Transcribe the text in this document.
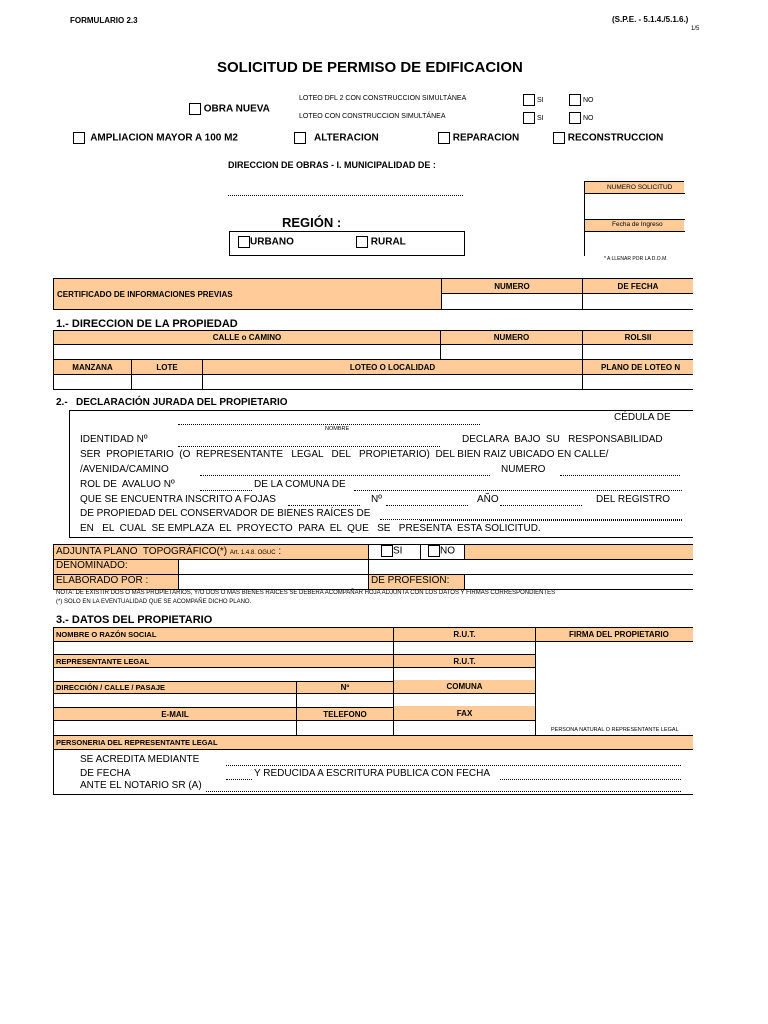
FORMULARIO 2.3	(S.P.E. - 5.1.4./5.1.6.)
1/5
SOLICITUD DE PERMISO DE EDIFICACION
OBRA NUEVA
LOTEO DFL 2 CON CONSTRUCCION SIMULTÁNEA
LOTEO CON CONSTRUCCION SIMULTÁNEA
SI	NO
SI	NO
AMPLIACION MAYOR A 100 M2	ALTERACION	REPARACION	RECONSTRUCCION
DIRECCION DE OBRAS - I. MUNICIPALIDAD DE :
REGIÓN :
URBANO	RURAL
NUMERO SOLICITUD
Fecha de Ingreso
* A LLENAR POR LA D.O.M.
CERTIFICADO DE INFORMACIONES PREVIAS
NUMERO	DE FECHA
1.- DIRECCION DE LA PROPIEDAD
CALLE o CAMINO	NUMERO	ROLSII
MANZANA	LOTE	LOTEO O LOCALIDAD	PLANO DE LOTEO N
2.-   DECLARACIÓN JURADA DEL PROPIETARIO
CÉDULA DE
NOMBRE
IDENTIDAD Nº	DECLARA  BAJO  SU   RESPONSABILIDAD
SER  PROPIETARIO  (O  REPRESENTANTE   LEGAL   DEL   PROPIETARIO)  DEL BIEN RAIZ UBICADO EN CALLE/
/AVENIDA/CAMINO	NUMERO
ROL DE  AVALUO Nº	DE LA COMUNA DE
QUE SE ENCUENTRA INSCRITO A FOJAS	Nº	AÑO	DEL REGISTRO
DE PROPIEDAD DEL CONSERVADOR DE BIENES RAÍCES DE
EN   EL  CUAL  SE EMPLAZA  EL  PROYECTO  PARA  EL  QUE   SE   PRESENTA  ESTA SOLICITUD.
ADJUNTA PLANO  TOPOGRÁFICO(*) Art. 1.4.8. OGUC :	SI	NO
DENOMINADO:
ELABORADO POR :	DE PROFESIÓN:
NOTA: DE EXISTIR DOS O MÁS PROPIETARIOS, Y/O DOS O MAS BIENES RAICES SE DEBERA ACOMPAÑAR HOJA ADJUNTA CON LOS DATOS Y FIRMAS CORRESPONDIENTES
(*) SOLO EN LA EVENTUALIDAD QUE SE ACOMPAÑE DICHO PLANO.
3.- DATOS DEL PROPIETARIO
NOMBRE O RAZÓN SOCIAL	R.U.T.	FIRMA DEL PROPIETARIO
REPRESENTANTE LEGAL	R.U.T.
DIRECCIÓN / CALLE / PASAJE	Nº	COMUNA
E-MAIL	TELEFONO	FAX
PERSONA NATURAL O REPRESENTANTE LEGAL
PERSONERIA DEL REPRESENTANTE LEGAL
SE ACREDITA MEDIANTE
DE FECHA	Y REDUCIDA A ESCRITURA PUBLICA CON FECHA
ANTE EL NOTARIO SR (A)
